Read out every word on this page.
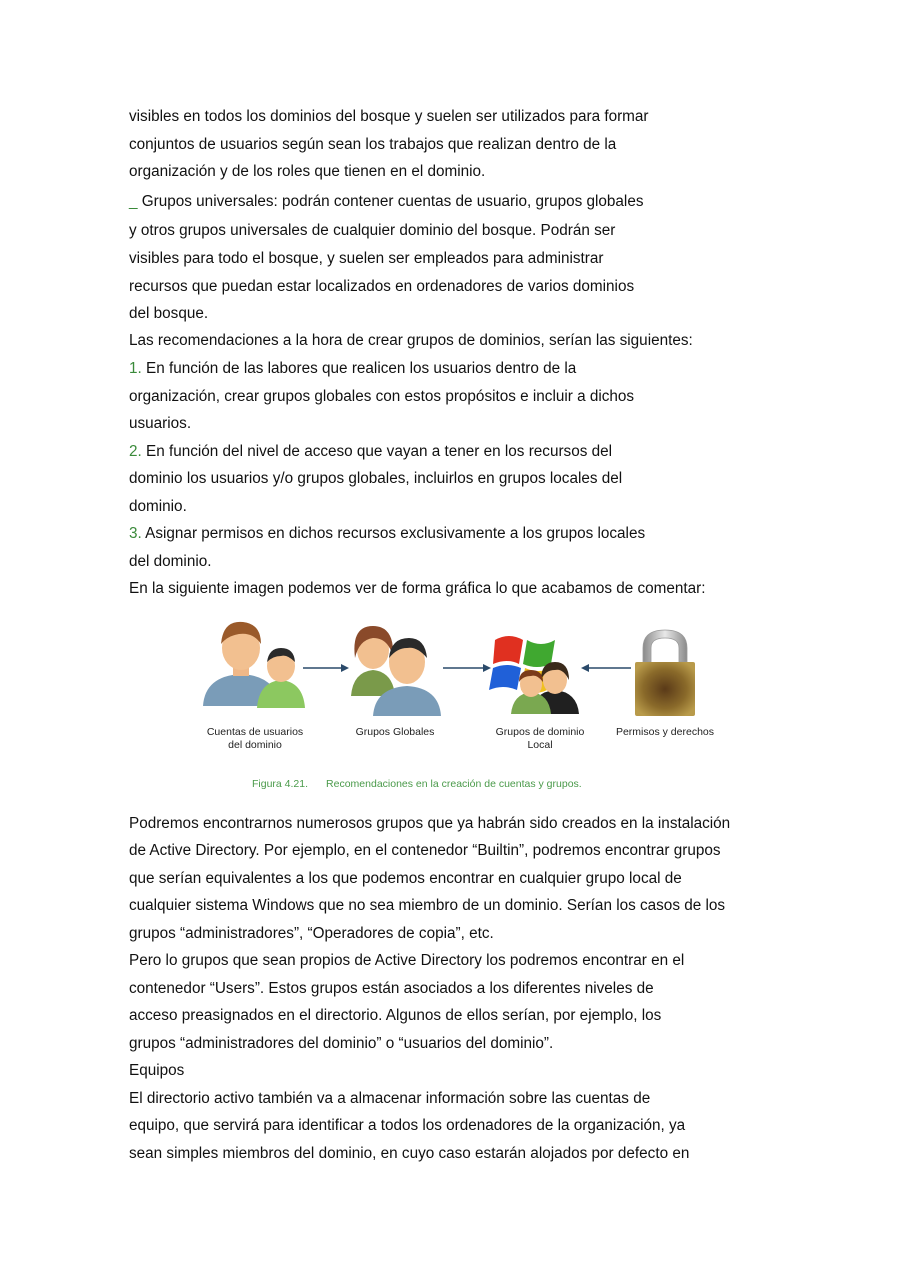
visibles en todos los dominios del bosque y suelen ser utilizados para formar
conjuntos de usuarios según sean los trabajos que realizan dentro de la
organización y de los roles que tienen en el dominio.
_ Grupos universales: podrán contener cuentas de usuario, grupos globales
y otros grupos universales de cualquier dominio del bosque. Podrán ser
visibles para todo el bosque, y suelen ser empleados para administrar
recursos que puedan estar localizados en ordenadores de varios dominios
del bosque.
Las recomendaciones a la hora de crear grupos de dominios, serían las siguientes:
1. En función de las labores que realicen los usuarios dentro de la
organización, crear grupos globales con estos propósitos e incluir a dichos
usuarios.
2. En función del nivel de acceso que vayan a tener en los recursos del
dominio los usuarios y/o grupos globales, incluirlos en grupos locales del
dominio.
3. Asignar permisos en dichos recursos exclusivamente a los grupos locales
del dominio.
En la siguiente imagen podemos ver de forma gráfica lo que acabamos de comentar:
Cuentas de usuarios
del dominio
Grupos Globales	Grupos de dominio
Local
Permisos y derechos
Figura 4.21. Recomendaciones en la creación de cuentas y grupos.
Podremos encontrarnos numerosos grupos que ya habrán sido creados en la instalación
de Active Directory. Por ejemplo, en el contenedor “Builtin”, podremos encontrar grupos
que serían equivalentes a los que podemos encontrar en cualquier grupo local de
cualquier sistema Windows que no sea miembro de un dominio. Serían los casos de los
grupos “administradores”, “Operadores de copia”, etc.
Pero lo grupos que sean propios de Active Directory los podremos encontrar en el
contenedor “Users”. Estos grupos están asociados a los diferentes niveles de
acceso preasignados en el directorio. Algunos de ellos serían, por ejemplo, los
grupos “administradores del dominio” o “usuarios del dominio”.
Equipos
El directorio activo también va a almacenar información sobre las cuentas de
equipo, que servirá para identificar a todos los ordenadores de la organización, ya
sean simples miembros del dominio, en cuyo caso estarán alojados por defecto en
